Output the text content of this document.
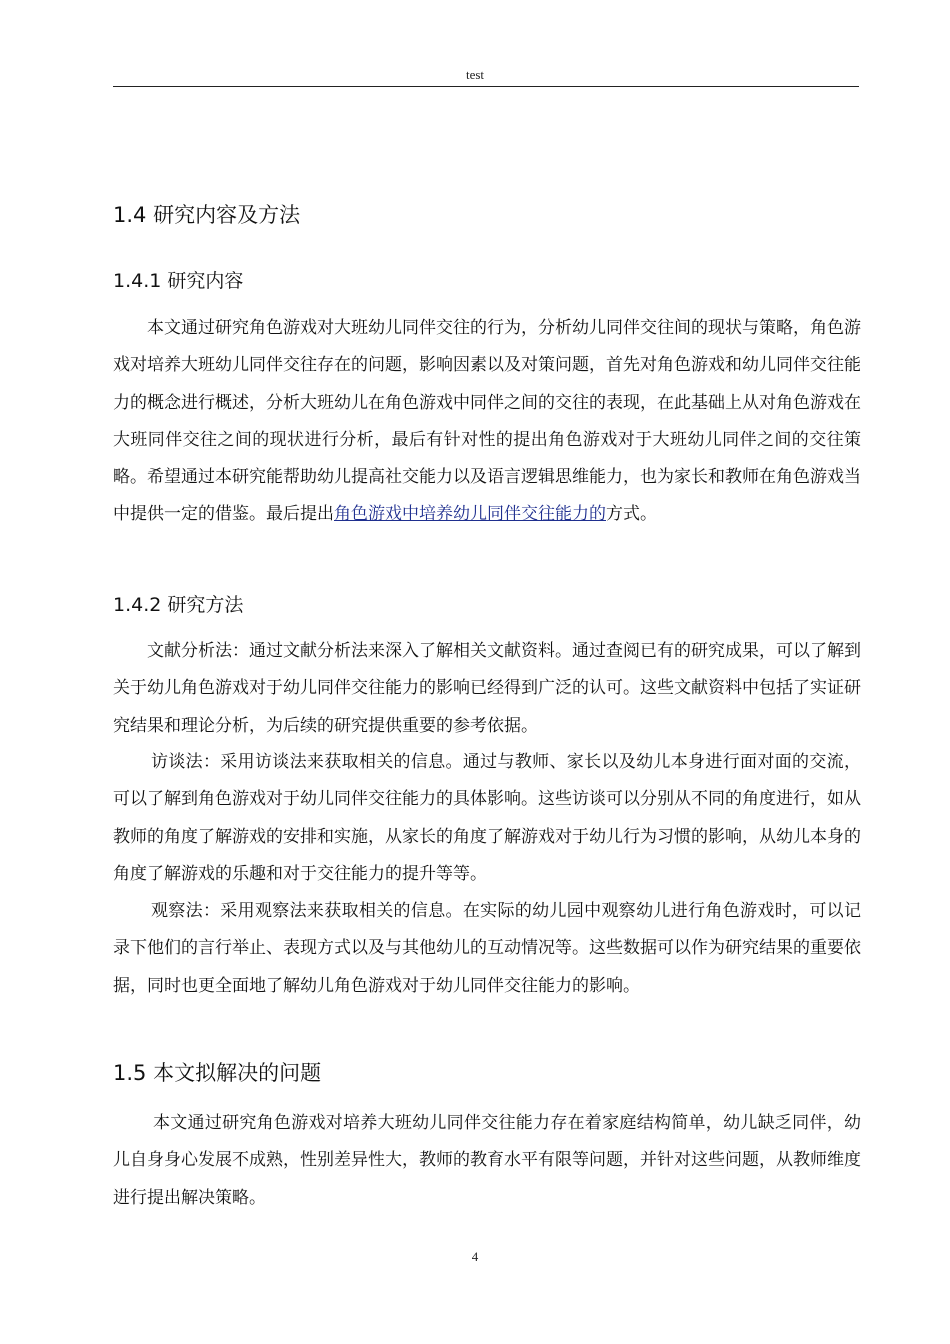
test
1.4 研究内容及方法
1.4.1 研究内容
本文通过研究角色游戏对大班幼儿同伴交往的行为，分析幼儿同伴交往间的现状与策略，角色游戏对培养大班幼儿同伴交往存在的问题，影响因素以及对策问题，首先对角色游戏和幼儿同伴交往能力的概念进行概述，分析大班幼儿在角色游戏中同伴之间的交往的表现，在此基础上从对角色游戏在大班同伴交往之间的现状进行分析，最后有针对性的提出角色游戏对于大班幼儿同伴之间的交往策略。希望通过本研究能帮助幼儿提高社交能力以及语言逻辑思维能力，也为家长和教师在角色游戏当中提供一定的借鉴。最后提出角色游戏中培养幼儿同伴交往能力的方式。
1.4.2 研究方法
文献分析法：通过文献分析法来深入了解相关文献资料。通过查阅已有的研究成果，可以了解到关于幼儿角色游戏对于幼儿同伴交往能力的影响已经得到广泛的认可。这些文献资料中包括了实证研究结果和理论分析，为后续的研究提供重要的参考依据。
访谈法：采用访谈法来获取相关的信息。通过与教师、家长以及幼儿本身进行面对面的交流，可以了解到角色游戏对于幼儿同伴交往能力的具体影响。这些访谈可以分别从不同的角度进行，如从教师的角度了解游戏的安排和实施，从家长的角度了解游戏对于幼儿行为习惯的影响，从幼儿本身的角度了解游戏的乐趣和对于交往能力的提升等等。
观察法：采用观察法来获取相关的信息。在实际的幼儿园中观察幼儿进行角色游戏时，可以记录下他们的言行举止、表现方式以及与其他幼儿的互动情况等。这些数据可以作为研究结果的重要依据，同时也更全面地了解幼儿角色游戏对于幼儿同伴交往能力的影响。
1.5 本文拟解决的问题
本文通过研究角色游戏对培养大班幼儿同伴交往能力存在着家庭结构简单，幼儿缺乏同伴，幼儿自身身心发展不成熟，性别差异性大，教师的教育水平有限等问题，并针对这些问题，从教师维度进行提出解决策略。
4
